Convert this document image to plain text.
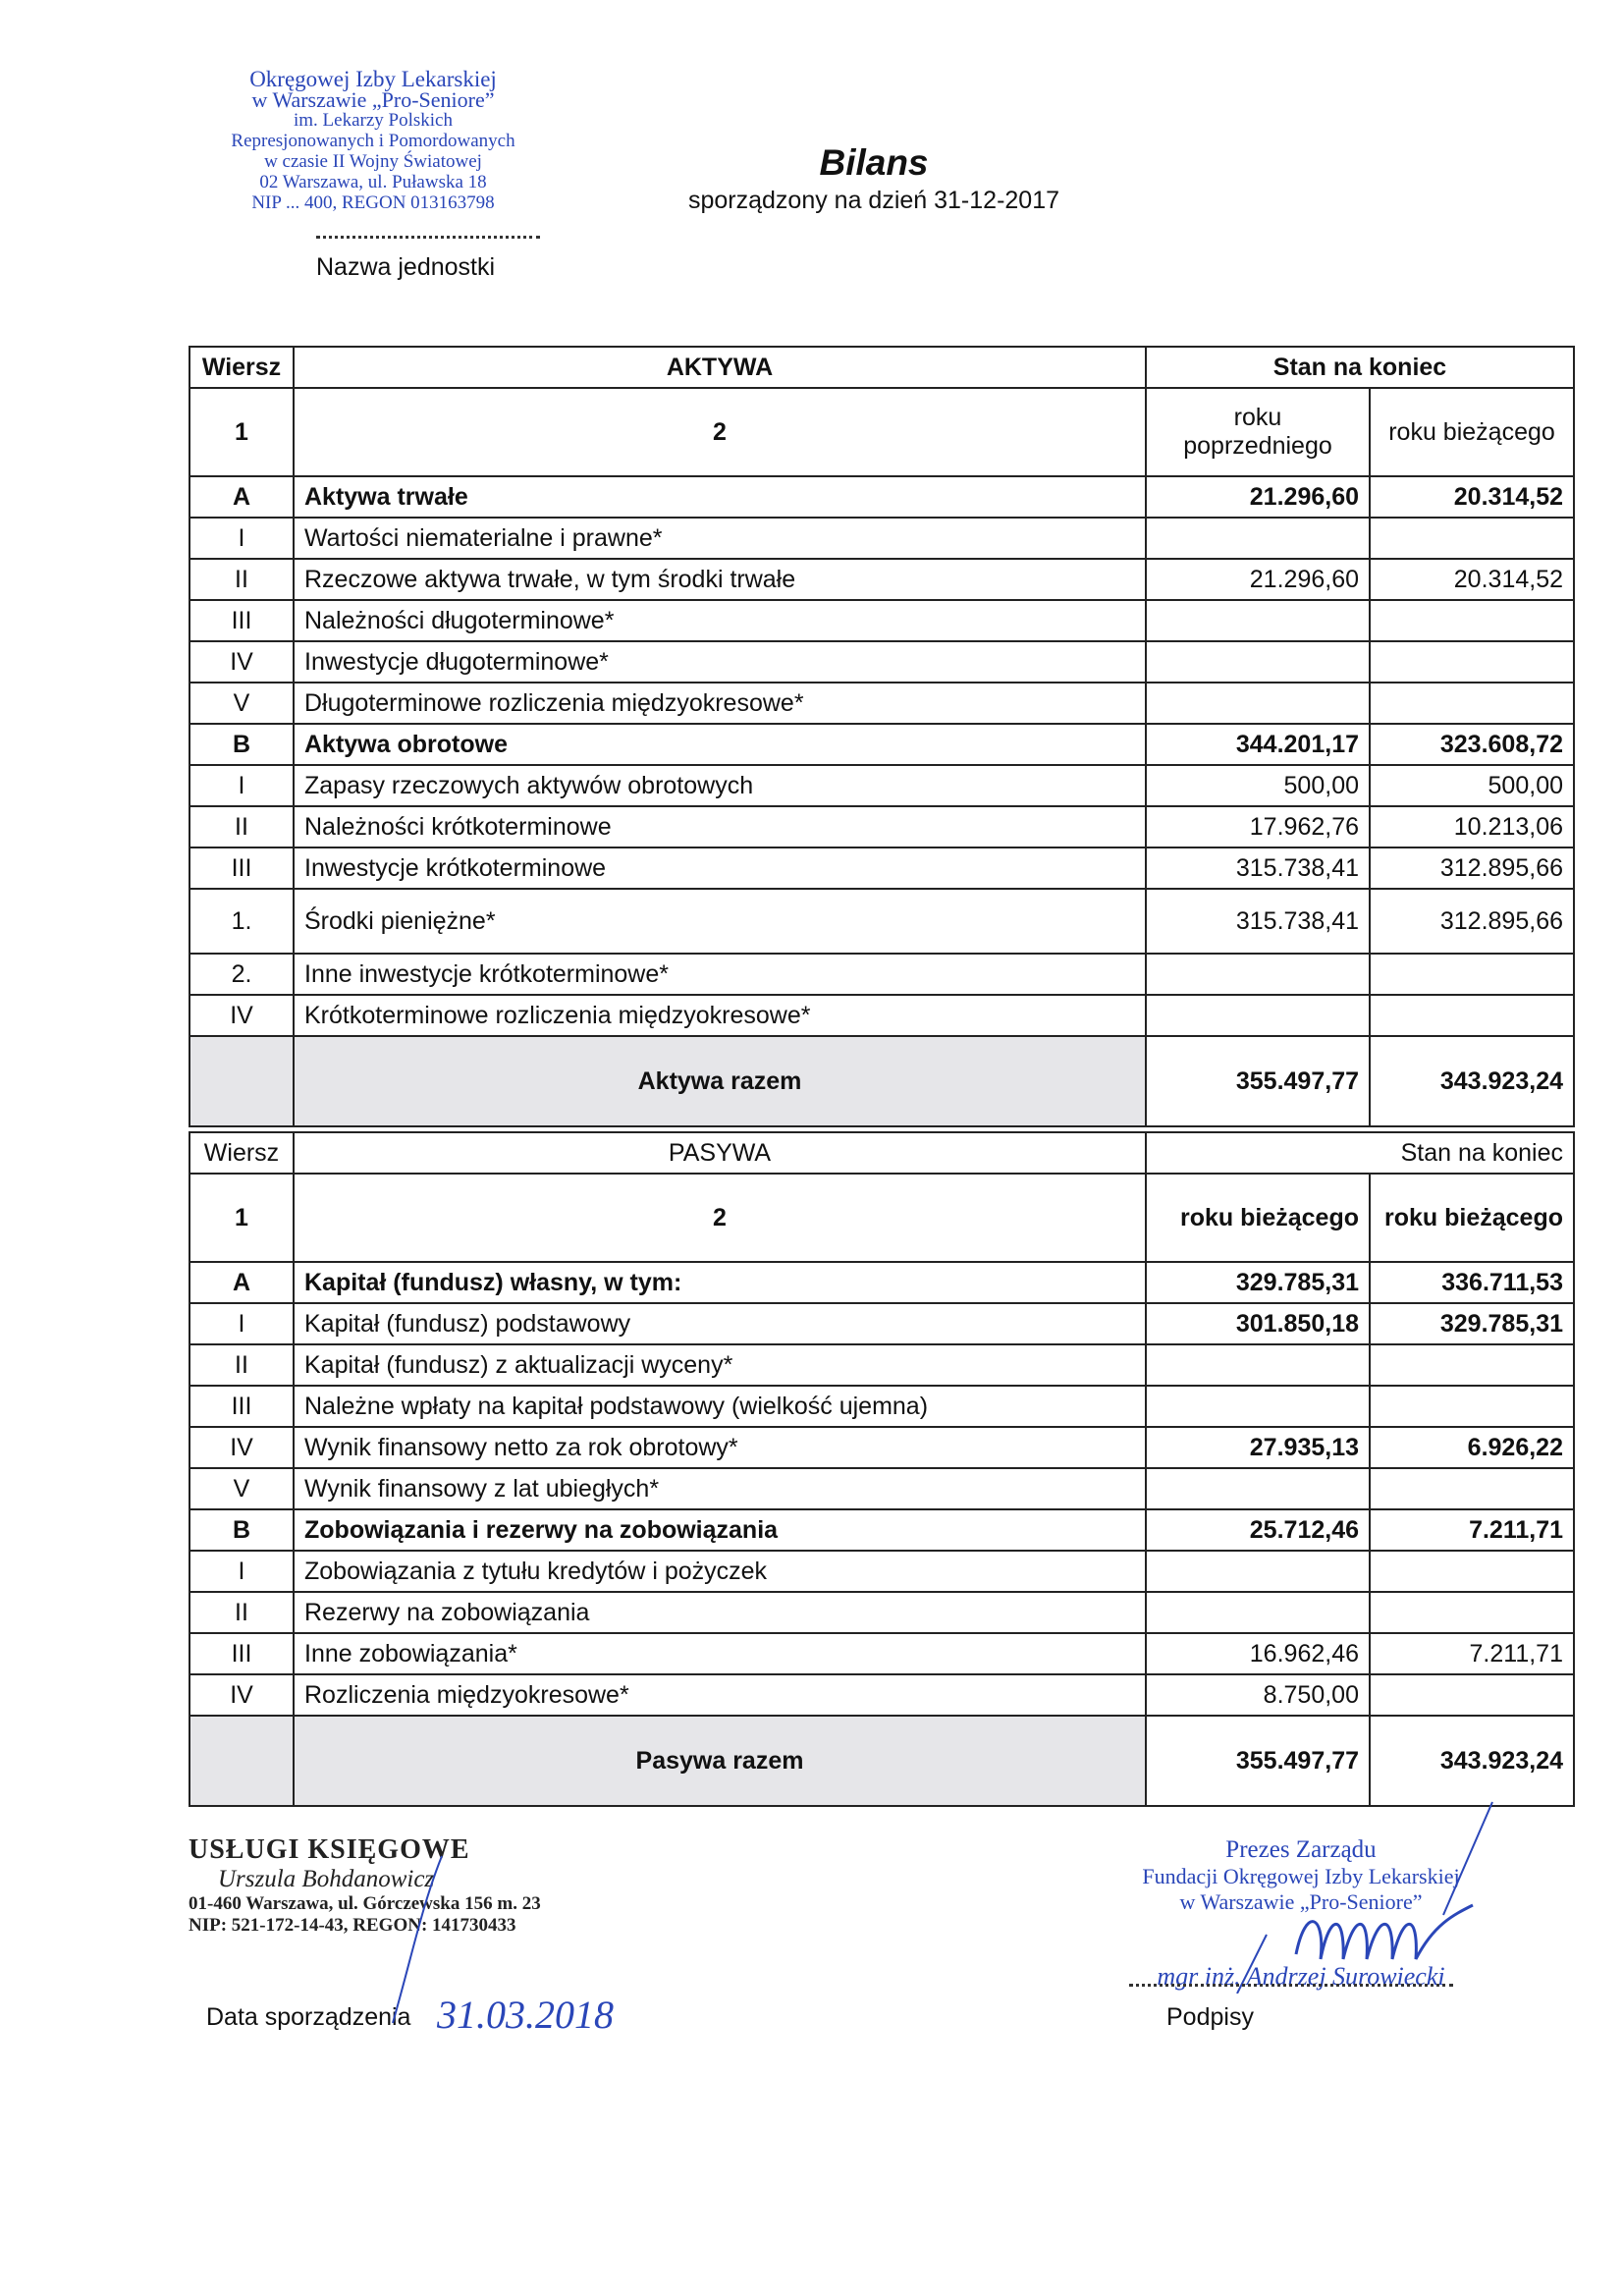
Okręgowej Izby Lekarskiej
w Warszawie „Pro-Seniore”
im. Lekarzy Polskich
Represjonowanych i Pomordowanych
w czasie II Wojny Światowej
02 Warszawa, ul. Puławska 18
NIP ... 400, REGON 013163798
Nazwa jednostki
Bilans
sporządzony na dzień 31-12-2017
Wiersz	AKTYWA	Stan na koniec	
1	2	roku poprzedniego	roku bieżącego
A	Aktywa trwałe	21.296,60	20.314,52
I	Wartości niematerialne i prawne*		
II	Rzeczowe aktywa trwałe, w tym środki trwałe	21.296,60	20.314,52
III	Należności długoterminowe*		
IV	Inwestycje długoterminowe*		
V	Długoterminowe rozliczenia międzyokresowe*		
B	Aktywa obrotowe	344.201,17	323.608,72
I	Zapasy rzeczowych aktywów obrotowych	500,00	500,00
II	Należności krótkoterminowe	17.962,76	10.213,06
III	Inwestycje krótkoterminowe	315.738,41	312.895,66
1.	Środki pieniężne*	315.738,41	312.895,66
2.	Inne inwestycje krótkoterminowe*		
IV	Krótkoterminowe rozliczenia międzyokresowe*		
	Aktywa razem	355.497,77	343.923,24
Wiersz	PASYWA	Stan na koniec	
1	2	roku bieżącego	roku bieżącego
A	Kapitał (fundusz) własny, w tym:	329.785,31	336.711,53
I	Kapitał (fundusz) podstawowy	301.850,18	329.785,31
II	Kapitał (fundusz) z aktualizacji wyceny*		
III	Należne wpłaty na kapitał podstawowy (wielkość ujemna)		
IV	Wynik finansowy netto za rok obrotowy*	27.935,13	6.926,22
V	Wynik finansowy z lat ubiegłych*		
B	Zobowiązania i rezerwy na zobowiązania	25.712,46	7.211,71
I	Zobowiązania z tytułu kredytów i pożyczek		
II	Rezerwy na zobowiązania		
III	Inne zobowiązania*	16.962,46	7.211,71
IV	Rozliczenia międzyokresowe*	8.750,00	
	Pasywa razem	355.497,77	343.923,24
USŁUGI KSIĘGOWE
Urszula Bohdanowicz
01-460 Warszawa, ul. Górczewska 156 m. 23
NIP: 521-172-14-43, REGON: 141730433
Data sporządzenia 31.03.2018
Prezes Zarządu
Fundacji Okręgowej Izby Lekarskiej
w Warszawie „Pro-Seniore”
mgr inż. Andrzej Surowiecki
Podpisy
